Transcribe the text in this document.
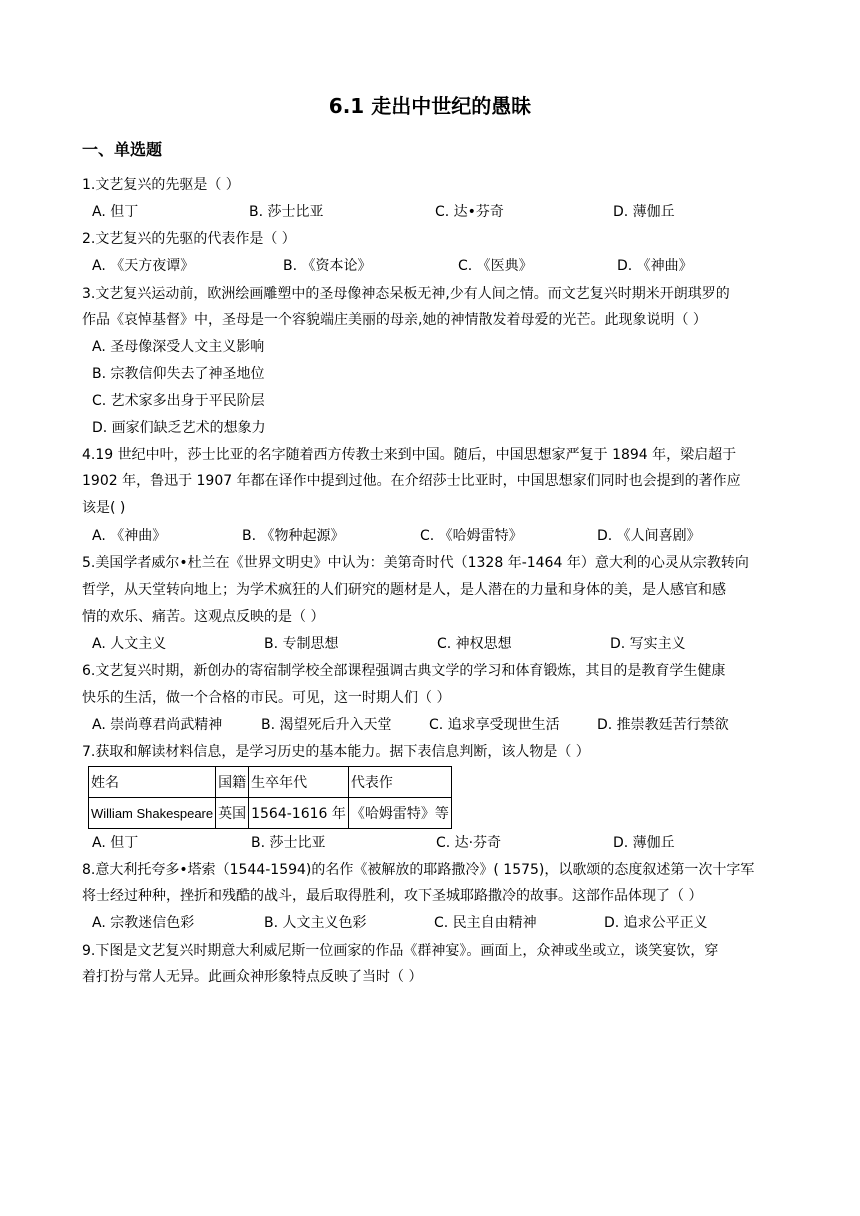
6.1 走出中世纪的愚昧
一、单选题
1.文艺复兴的先驱是（ ）
A. 但丁	B. 莎士比亚	C. 达•芬奇	D. 薄伽丘
2.文艺复兴的先驱的代表作是（ ）
A. 《天方夜谭》	B. 《资本论》	C. 《医典》	D. 《神曲》
3.文艺复兴运动前，欧洲绘画雕塑中的圣母像神态呆板无神,少有人间之情。而文艺复兴时期米开朗琪罗的
作品《哀悼基督》中，圣母是一个容貌端庄美丽的母亲,她的神情散发着母爱的光芒。此现象说明（ ）
A. 圣母像深受人文主义影响
B. 宗教信仰失去了神圣地位
C. 艺术家多出身于平民阶层
D. 画家们缺乏艺术的想象力
4.19 世纪中叶，莎士比亚的名字随着西方传教士来到中国。随后，中国思想家严复于 1894 年，梁启超于
1902 年，鲁迅于 1907 年都在译作中提到过他。在介绍莎士比亚时，中国思想家们同时也会提到的著作应
该是( )
A. 《神曲》	B. 《物种起源》	C. 《哈姆雷特》	D. 《人间喜剧》
5.美国学者威尔•杜兰在《世界文明史》中认为：美第奇时代（1328 年-1464 年）意大利的心灵从宗教转向
哲学，从天堂转向地上；为学术疯狂的人们研究的题材是人，是人潜在的力量和身体的美，是人感官和感
情的欢乐、痛苦。这观点反映的是（ ）
A. 人文主义	B. 专制思想	C. 神权思想	D. 写实主义
6.文艺复兴时期，新创办的寄宿制学校全部课程强调古典文学的学习和体育锻炼，其目的是教育学生健康
快乐的生活，做一个合格的市民。可见，这一时期人们（ ）
A. 崇尚尊君尚武精神	B. 渴望死后升入天堂	C. 追求享受现世生活	D. 推崇教廷苦行禁欲
7.获取和解读材料信息，是学习历史的基本能力。据下表信息判断，该人物是（ ）
姓名	国籍	生卒年代	代表作
William Shakespeare	英国	1564-1616 年	《哈姆雷特》等
A. 但丁	B. 莎士比亚	C. 达·芬奇	D. 薄伽丘
8.意大利托夸多•塔索（1544-1594)的名作《被解放的耶路撒冷》( 1575)，以歌颂的态度叙述第一次十字军
将士经过种种，挫折和残酷的战斗，最后取得胜利，攻下圣城耶路撒冷的故事。这部作品体现了（ ）
A. 宗教迷信色彩	B. 人文主义色彩	C. 民主自由精神	D. 追求公平正义
9.下图是文艺复兴时期意大利威尼斯一位画家的作品《群神宴》。画面上，众神或坐或立，谈笑宴饮，穿
着打扮与常人无异。此画众神形象特点反映了当时（ ）
